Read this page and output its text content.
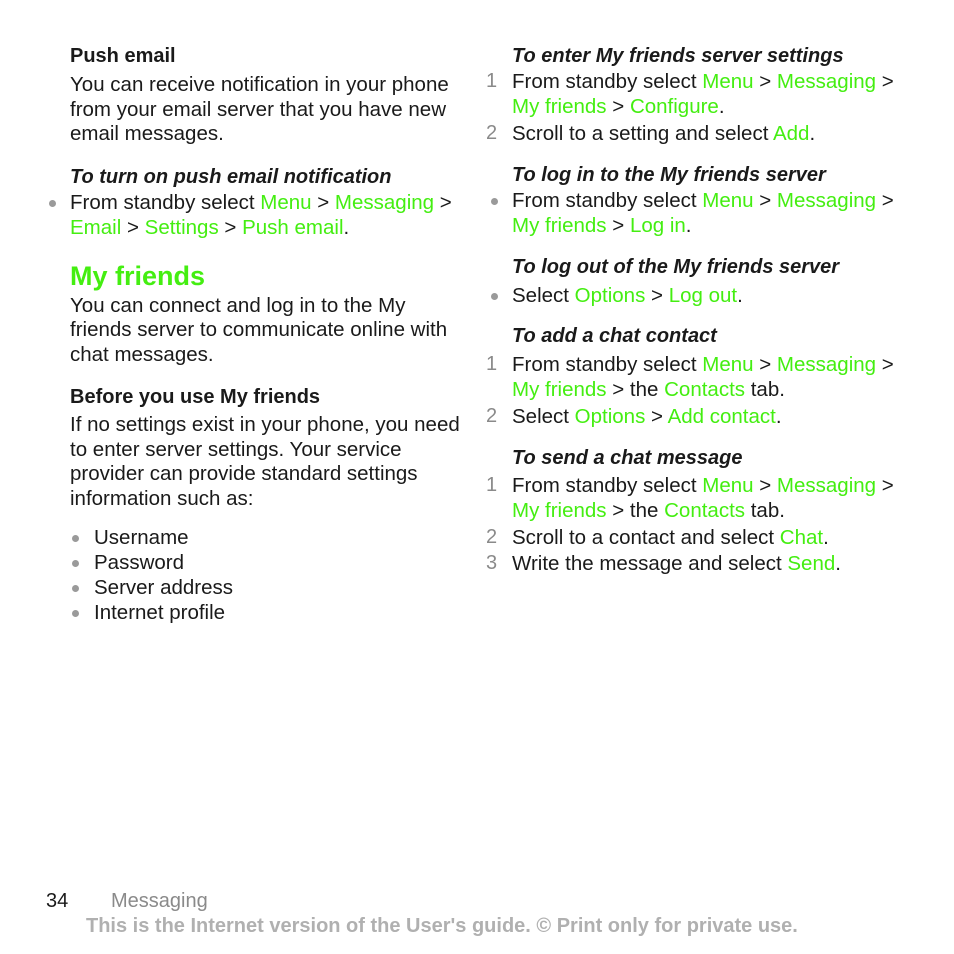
Push email

You can receive notification in your phone from your email server that you have new email messages.

To turn on push email notification

From standby select Menu > Messaging > Email > Settings > Push email.

My friends

You can connect and log in to the My friends server to communicate online with chat messages.

Before you use My friends

If no settings exist in your phone, you need to enter server settings. Your service provider can provide standard settings information such as:

Username
Password
Server address
Internet profile

To enter My friends server settings

1 From standby select Menu > Messaging > My friends > Configure.

2 Scroll to a setting and select Add.

To log in to the My friends server

From standby select Menu > Messaging > My friends > Log in.

To log out of the My friends server

Select Options > Log out.

To add a chat contact

1 From standby select Menu > Messaging > My friends > the Contacts tab.

2 Select Options > Add contact.

To send a chat message

1 From standby select Menu > Messaging > My friends > the Contacts tab.

2 Scroll to a contact and select Chat.

3 Write the message and select Send.

34 Messaging
This is the Internet version of the User's guide. © Print only for private use.
